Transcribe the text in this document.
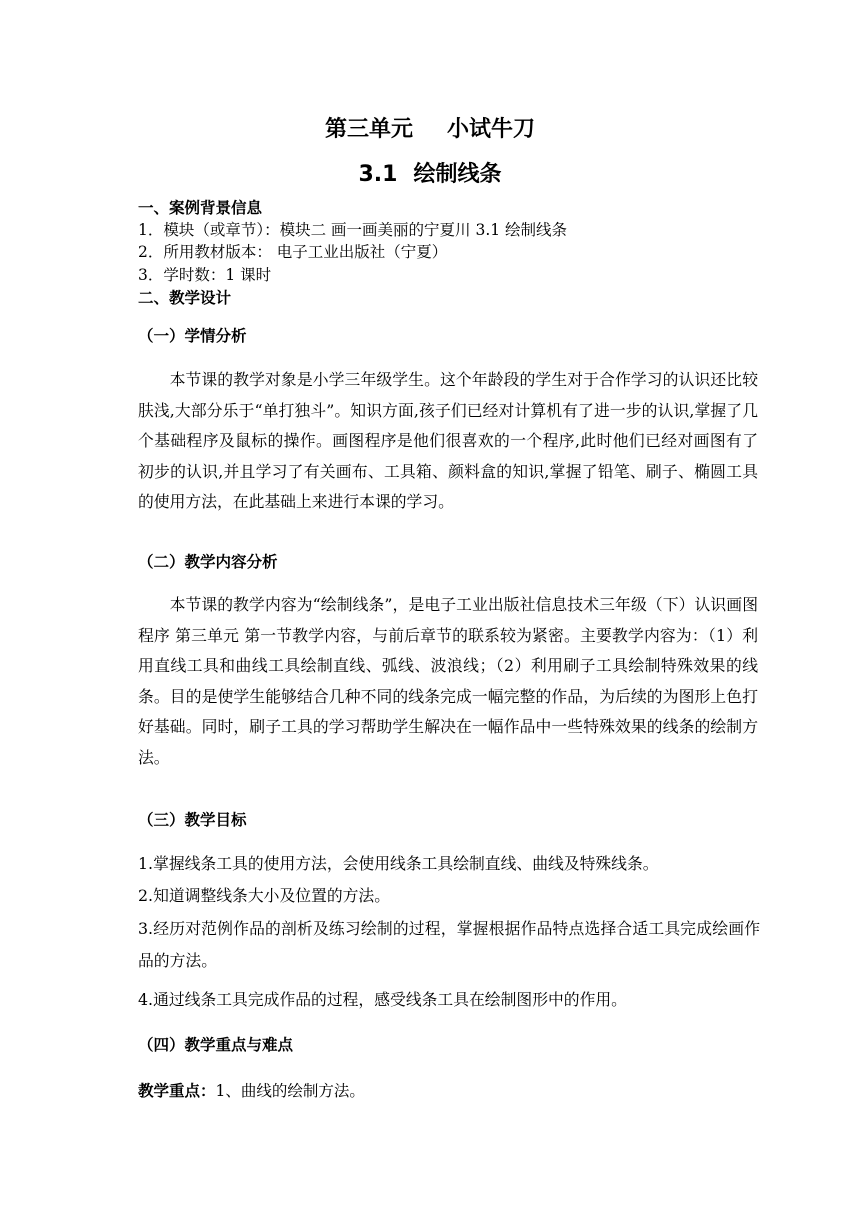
第三单元 小试牛刀
3.1 绘制线条
一、案例背景信息
1．模块（或章节）：模块二 画一画美丽的宁夏川 3.1 绘制线条
2．所用教材版本： 电子工业出版社（宁夏）
3．学时数：1 课时
二、教学设计
（一）学情分析
本节课的教学对象是小学三年级学生。这个年龄段的学生对于合作学习的认识还比较肤浅,大部分乐于“单打独斗”。知识方面,孩子们已经对计算机有了进一步的认识,掌握了几个基础程序及鼠标的操作。画图程序是他们很喜欢的一个程序,此时他们已经对画图有了初步的认识,并且学习了有关画布、工具箱、颜料盒的知识,掌握了铅笔、刷子、椭圆工具的使用方法，在此基础上来进行本课的学习。
（二）教学内容分析
本节课的教学内容为“绘制线条”，是电子工业出版社信息技术三年级（下）认识画图程序 第三单元 第一节教学内容，与前后章节的联系较为紧密。主要教学内容为：（1）利用直线工具和曲线工具绘制直线、弧线、波浪线；（2）利用刷子工具绘制特殊效果的线条。目的是使学生能够结合几种不同的线条完成一幅完整的作品，为后续的为图形上色打好基础。同时，刷子工具的学习帮助学生解决在一幅作品中一些特殊效果的线条的绘制方法。
（三）教学目标
1.掌握线条工具的使用方法，会使用线条工具绘制直线、曲线及特殊线条。
2.知道调整线条大小及位置的方法。
3.经历对范例作品的剖析及练习绘制的过程，掌握根据作品特点选择合适工具完成绘画作品的方法。
4.通过线条工具完成作品的过程，感受线条工具在绘制图形中的作用。
（四）教学重点与难点
教学重点：1、曲线的绘制方法。
